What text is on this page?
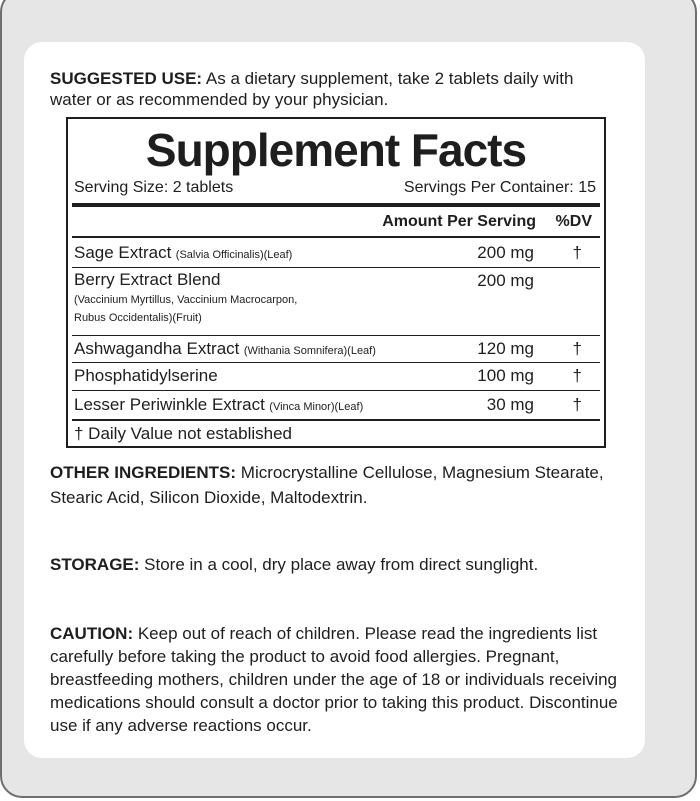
SUGGESTED USE: As a dietary supplement, take 2 tablets daily with
water or as recommended by your physician.
Supplement Facts
Serving Size: 2 tablets	Servings Per Container: 15
Amount Per Serving %DV
Sage Extract (Salvia Officinalis)(Leaf)	200 mg †
Berry Extract Blend
(Vaccinium Myrtillus, Vaccinium Macrocarpon,
Rubus Occidentalis)(Fruit)
200 mg
Ashwagandha Extract (Withania Somnifera)(Leaf)	120 mg †
Phosphatidylserine	100 mg †
Lesser Periwinkle Extract (Vinca Minor)(Leaf)	30 mg †
† Daily Value not established
OTHER INGREDIENTS: Microcrystalline Cellulose, Magnesium Stearate,
Stearic Acid, Silicon Dioxide, Maltodextrin.
STORAGE: Store in a cool, dry place away from direct sunglight.
CAUTION: Keep out of reach of children. Please read the ingredients list
carefully before taking the product to avoid food allergies. Pregnant,
breastfeeding mothers, children under the age of 18 or individuals receiving
medications should consult a doctor prior to taking this product. Discontinue
use if any adverse reactions occur.
